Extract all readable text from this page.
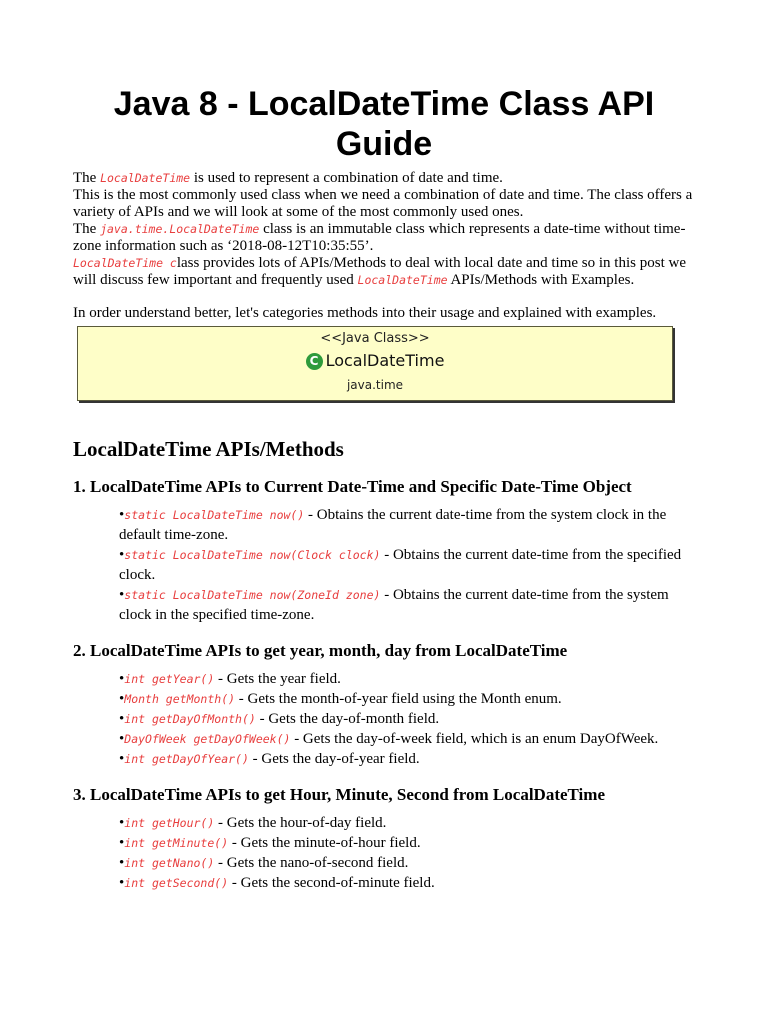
Java 8 - LocalDateTime Class API Guide

The LocalDateTime is used to represent a combination of date and time.

This is the most commonly used class when we need a combination of date and time. The class offers a variety of APIs and we will look at some of the most commonly used ones.

The java.time.LocalDateTime class is an immutable class which represents a date-time without time-zone information such as ‘2018-08-12T10:35:55’.

LocalDateTime class provides lots of APIs/Methods to deal with local date and time so in this post we will discuss few important and frequently used LocalDateTime APIs/Methods with Examples.

In order understand better, let's categories methods into their usage and explained with examples.

<<Java Class>>
C LocalDateTime
java.time
LocalDateTime APIs/Methods
1. LocalDateTime APIs to Current Date-Time and Specific Date-Time Object
•static LocalDateTime now() - Obtains the current date-time from the system clock in the default time-zone.
•static LocalDateTime now(Clock clock) - Obtains the current date-time from the specified clock.
•static LocalDateTime now(ZoneId zone) - Obtains the current date-time from the system clock in the specified time-zone.
2. LocalDateTime APIs to get year, month, day from LocalDateTime
•int getYear() - Gets the year field.
•Month getMonth() - Gets the month-of-year field using the Month enum.
•int getDayOfMonth() - Gets the day-of-month field.
•DayOfWeek getDayOfWeek() - Gets the day-of-week field, which is an enum DayOfWeek.
•int getDayOfYear() - Gets the day-of-year field.
3. LocalDateTime APIs to get Hour, Minute, Second from LocalDateTime
•int getHour() - Gets the hour-of-day field.
•int getMinute() - Gets the minute-of-hour field.
•int getNano() - Gets the nano-of-second field.
•int getSecond() - Gets the second-of-minute field.
